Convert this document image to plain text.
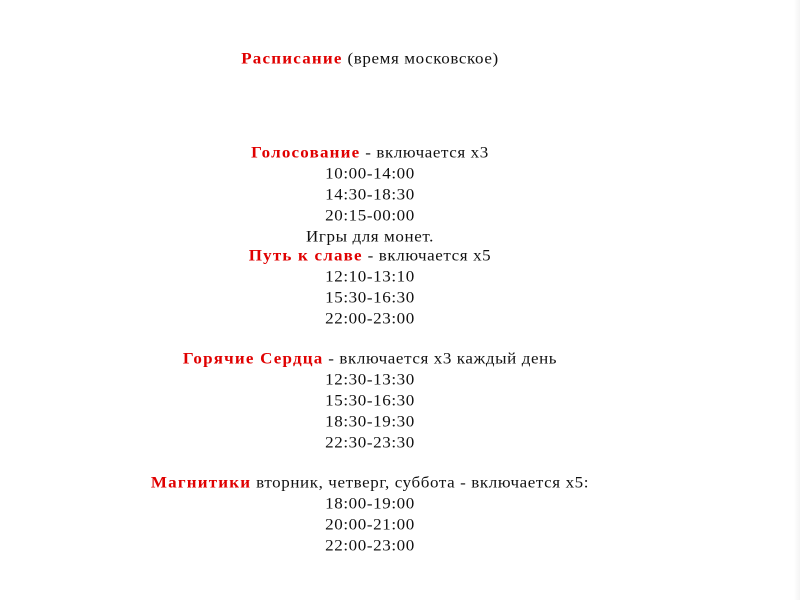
Расписание (время московское)
Голосование - включается х3
10:00-14:00
14:30-18:30
20:15-00:00
Игры для монет.
Путь к славе - включается х5
12:10-13:10
15:30-16:30
22:00-23:00
Горячие Сердца - включается х3 каждый день
12:30-13:30
15:30-16:30
18:30-19:30
22:30-23:30
Магнитики вторник, четверг, суббота - включается х5:
18:00-19:00
20:00-21:00
22:00-23:00
